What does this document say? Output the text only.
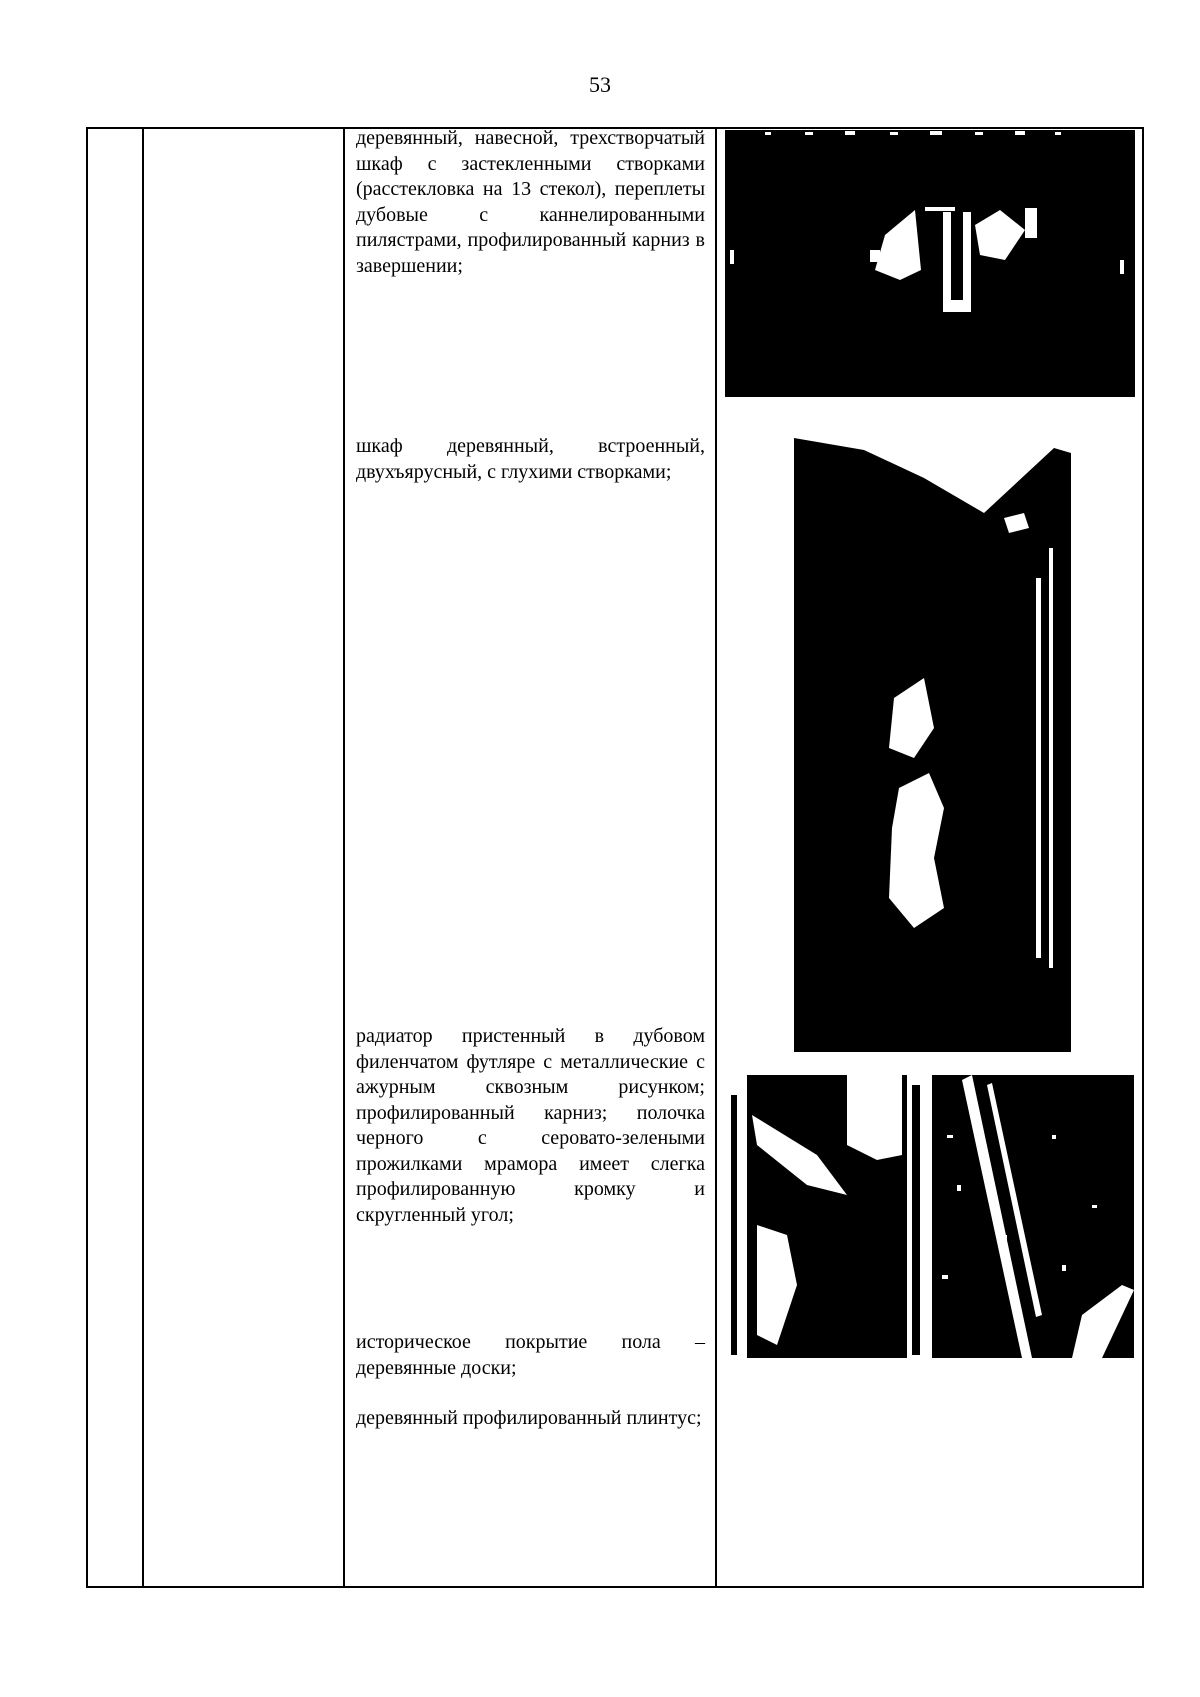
53
деревянный, навесной, трехстворчатый шкаф с застекленными створками (расстекловка на 13 стекол), переплеты дубовые с каннелированными пилястрами, профилированный карниз в завершении;
шкаф деревянный, встроенный, двухъярусный, с глухими створками;
радиатор пристенный в дубовом филенчатом футляре с металлические с ажурным сквозным рисунком; профилированный карниз; полочка черного с серовато-зелеными прожилками мрамора имеет слегка профилированную кромку и скругленный угол;
историческое покрытие пола – деревянные доски;
деревянный профилированный плинтус;
